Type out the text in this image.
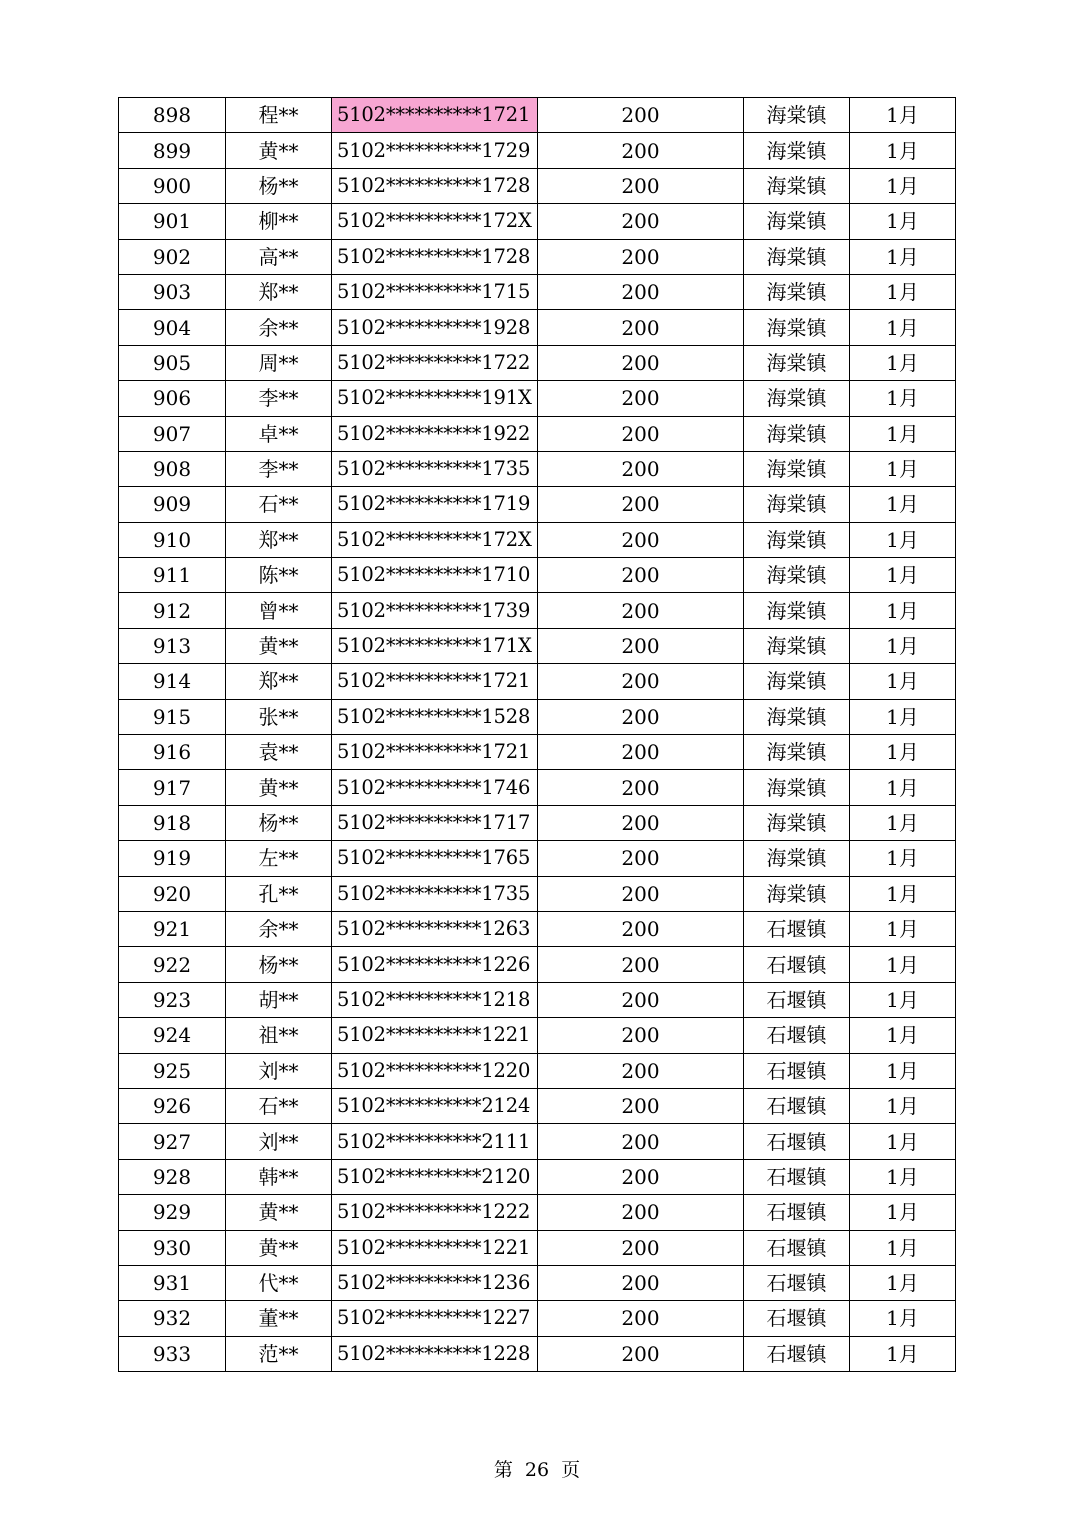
898	程**	5102**********1721	200	海棠镇	1月
899	黄**	5102**********1729	200	海棠镇	1月
900	杨**	5102**********1728	200	海棠镇	1月
901	柳**	5102**********172X	200	海棠镇	1月
902	高**	5102**********1728	200	海棠镇	1月
903	郑**	5102**********1715	200	海棠镇	1月
904	余**	5102**********1928	200	海棠镇	1月
905	周**	5102**********1722	200	海棠镇	1月
906	李**	5102**********191X	200	海棠镇	1月
907	卓**	5102**********1922	200	海棠镇	1月
908	李**	5102**********1735	200	海棠镇	1月
909	石**	5102**********1719	200	海棠镇	1月
910	郑**	5102**********172X	200	海棠镇	1月
911	陈**	5102**********1710	200	海棠镇	1月
912	曾**	5102**********1739	200	海棠镇	1月
913	黄**	5102**********171X	200	海棠镇	1月
914	郑**	5102**********1721	200	海棠镇	1月
915	张**	5102**********1528	200	海棠镇	1月
916	袁**	5102**********1721	200	海棠镇	1月
917	黄**	5102**********1746	200	海棠镇	1月
918	杨**	5102**********1717	200	海棠镇	1月
919	左**	5102**********1765	200	海棠镇	1月
920	孔**	5102**********1735	200	海棠镇	1月
921	余**	5102**********1263	200	石堰镇	1月
922	杨**	5102**********1226	200	石堰镇	1月
923	胡**	5102**********1218	200	石堰镇	1月
924	祖**	5102**********1221	200	石堰镇	1月
925	刘**	5102**********1220	200	石堰镇	1月
926	石**	5102**********2124	200	石堰镇	1月
927	刘**	5102**********2111	200	石堰镇	1月
928	韩**	5102**********2120	200	石堰镇	1月
929	黄**	5102**********1222	200	石堰镇	1月
930	黄**	5102**********1221	200	石堰镇	1月
931	代**	5102**********1236	200	石堰镇	1月
932	董**	5102**********1227	200	石堰镇	1月
933	范**	5102**********1228	200	石堰镇	1月
第 26 页
